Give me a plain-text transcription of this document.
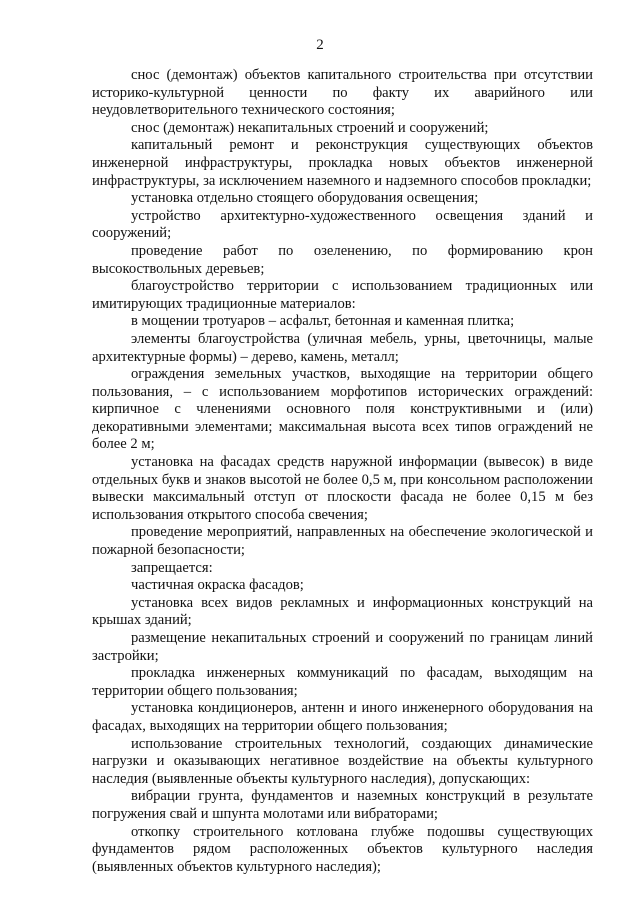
2

снос (демонтаж) объектов капитального строительства при отсутствии историко-культурной ценности по факту их аварийного или неудовлетворительного технического состояния;

снос (демонтаж) некапитальных строений и сооружений;

капитальный ремонт и реконструкция существующих объектов инженерной инфраструктуры, прокладка новых объектов инженерной инфраструктуры, за исключением наземного и надземного способов прокладки;

установка отдельно стоящего оборудования освещения;

устройство архитектурно-художественного освещения зданий и сооружений;

проведение работ по озеленению, по формированию крон высокоствольных деревьев;

благоустройство территории с использованием традиционных или имитирующих традиционные материалов:

в мощении тротуаров – асфальт, бетонная и каменная плитка;

элементы благоустройства (уличная мебель, урны, цветочницы, малые архитектурные формы) – дерево, камень, металл;

ограждения земельных участков, выходящие на территории общего пользования, – с использованием морфотипов исторических ограждений: кирпичное с членениями основного поля конструктивными и (или) декоративными элементами; максимальная высота всех типов ограждений не более 2 м;

установка на фасадах средств наружной информации (вывесок) в виде отдельных букв и знаков высотой не более 0,5 м, при консольном расположении вывески максимальный отступ от плоскости фасада не более 0,15 м без использования открытого способа свечения;

проведение мероприятий, направленных на обеспечение экологической и пожарной безопасности;

запрещается:

частичная окраска фасадов;

установка всех видов рекламных и информационных конструкций на крышах зданий;

размещение некапитальных строений и сооружений по границам линий застройки;

прокладка инженерных коммуникаций по фасадам, выходящим на территории общего пользования;

установка кондиционеров, антенн и иного инженерного оборудования на фасадах, выходящих на территории общего пользования;

использование строительных технологий, создающих динамические нагрузки и оказывающих негативное воздействие на объекты культурного наследия (выявленные объекты культурного наследия), допускающих:

вибрации грунта, фундаментов и наземных конструкций в результате погружения свай и шпунта молотами или вибраторами;

откопку строительного котлована глубже подошвы существующих фундаментов рядом расположенных объектов культурного наследия (выявленных объектов культурного наследия);
